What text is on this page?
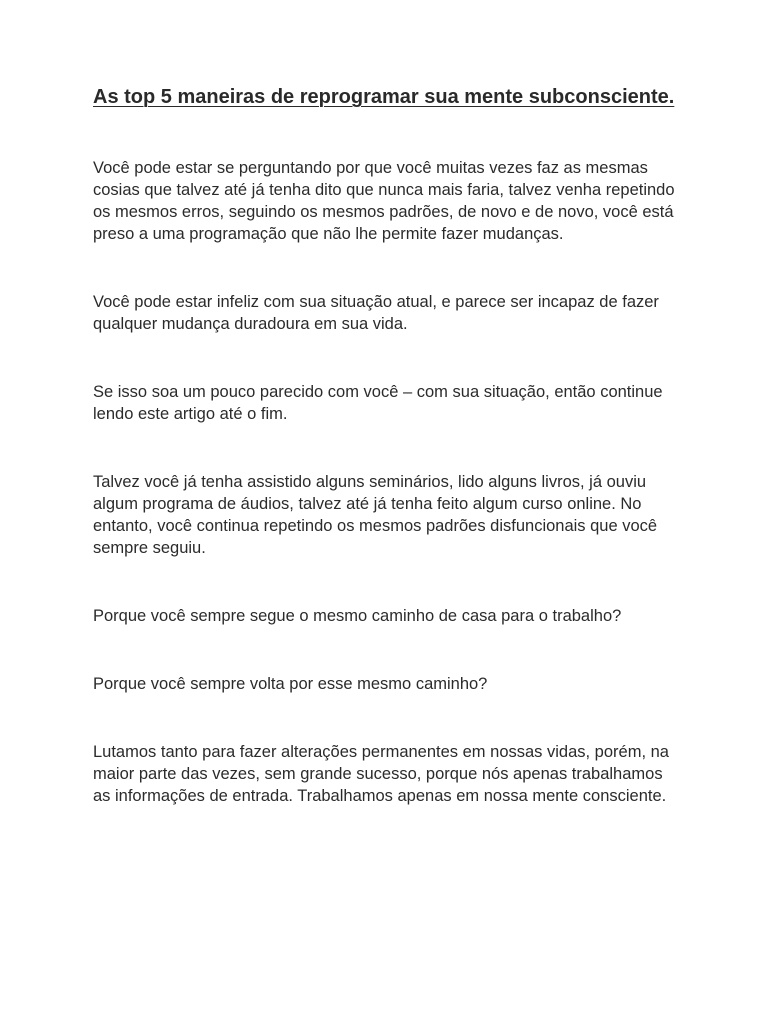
As top 5 maneiras de reprogramar sua mente subconsciente.

Você pode estar se perguntando por que você muitas vezes faz as mesmas cosias que talvez até já tenha dito que nunca mais faria, talvez venha repetindo os mesmos erros, seguindo os mesmos padrões, de novo e de novo, você está preso a uma programação que não lhe permite fazer mudanças.

Você pode estar infeliz com sua situação atual, e parece ser incapaz de fazer qualquer mudança duradoura em sua vida.

Se isso soa um pouco parecido com você – com sua situação, então continue lendo este artigo até o fim.

Talvez você já tenha assistido alguns seminários, lido alguns livros, já ouviu algum programa de áudios, talvez até já tenha feito algum curso online. No entanto, você continua repetindo os mesmos padrões disfuncionais que você sempre seguiu.

Porque você sempre segue o mesmo caminho de casa para o trabalho?

Porque você sempre volta por esse mesmo caminho?

Lutamos tanto para fazer alterações permanentes em nossas vidas, porém, na maior parte das vezes, sem grande sucesso, porque nós apenas trabalhamos as informações de entrada. Trabalhamos apenas em nossa mente consciente.
